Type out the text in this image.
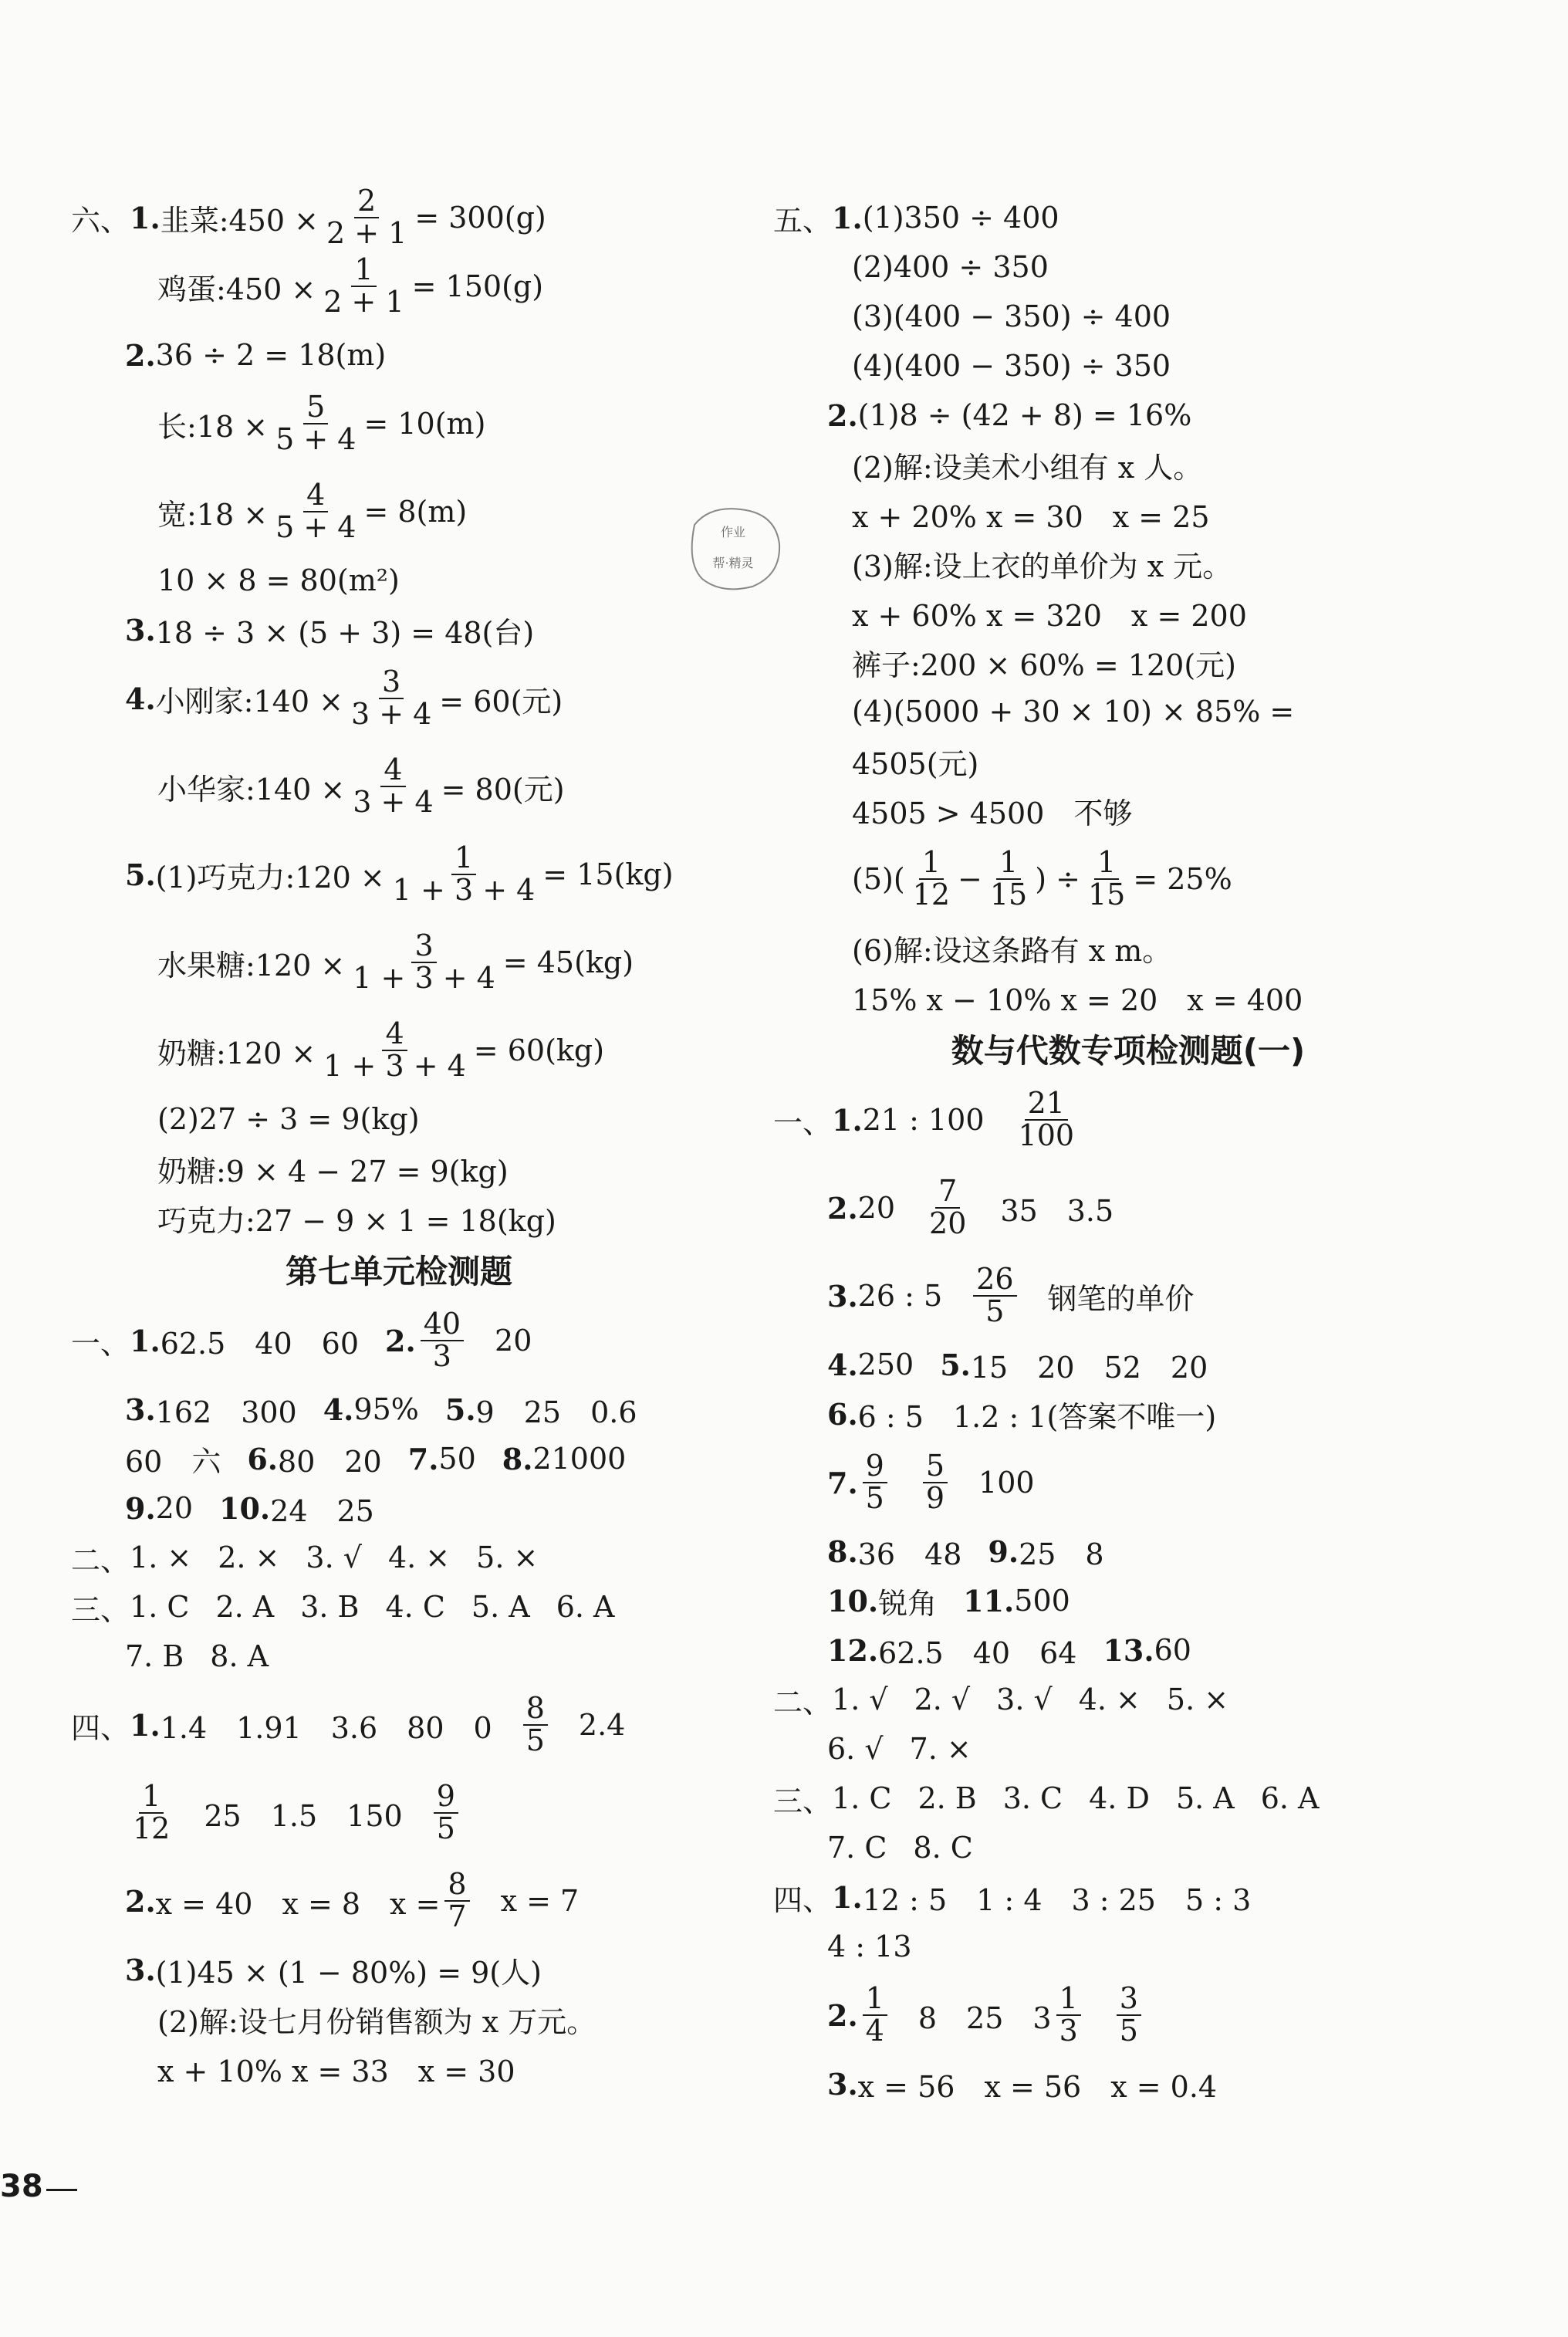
六、 1. 韭菜:450 × $\frac{2}{2 + 1} = 300(g)$
鸡蛋:450 × $\frac{1}{2 + 1} = 150(g)$
2. 36 ÷ 2 = 18(m)
长:18 × $\frac{5}{5 + 4} = 10(m)$
宽:18 × $\frac{4}{5 + 4} = 8(m)$
10 × 8 = 80(m²)
3. 18 ÷ 3 × (5 + 3) = 48(台)
4. 小刚家:140 × $\frac{3}{3 + 4} = 60$(元)
小华家:140 × $\frac{4}{3 + 4} = 80$(元)
5. (1)巧克力:120 × $\frac{1}{1 + 3 + 4} = 15(kg)$
水果糖:120 × $\frac{3}{1 + 3 + 4} = 45(kg)$
奶糖:120 × $\frac{4}{1 + 3 + 4} = 60(kg)$
(2)27 ÷ 3 = 9(kg)
奶糖:9 × 4 − 27 = 9(kg)
巧克力:27 − 9 × 1 = 18(kg)
第七单元检测题
一、 1. 62.5　40　60 2. $\frac{40}{3} 20$
3. 162　300 4. 95% 5. 9　25　0.6
60　六 6. 80　20 7. 50 8. 21000
9. 20 10. 24　25
二、 1. × 2. × 3. √ 4. × 5. ×
三、 1. C 2. A 3. B 4. C 5. A 6. A
7. B 8. A
四、 1. 1.4　1.91　3.6　80　$0 \frac{8}{5} 2.4$
$\frac{1}{12} 25$　1.5　$150 \frac{9}{5}$
2. x = 40　x = 8　$x = \frac{8}{7}$ x = 7
3. (1)45 × (1 − 80%) = 9(人)
(2)解:设七月份销售额为 x 万元。
x + 10% x = 33　x = 30
五、 1. (1)350 ÷ 400
(2)400 ÷ 350
(3)(400 − 350) ÷ 400
(4)(400 − 350) ÷ 350
2. (1)8 ÷ (42 + 8) = 16%
(2)解:设美术小组有 x 人。
x + 20% x = 30　x = 25
(3)解:设上衣的单价为 x 元。
x + 60% x = 320　x = 200
裤子:200 × 60% = 120(元)
(4)(5000 + 30 × 10) × 85% =
4505(元)
4505 > 4500　不够
$(5)( \frac{1}{12} - \frac{1}{15}$ ) ÷ $\frac{1}{15} = 25\%$
(6)解:设这条路有 x m。
15% x − 10% x = 20　x = 400
数与代数专项检测题(一)
一、 1. 21 : $100 \frac{21}{100}$
2. $20 \frac{7}{20} 35$　3.5
3. 26 : $5 \frac{26}{5}$ 钢笔的单价
4. 250 5. 15　20　52　20
6. 6 : 5　1.2 : 1(答案不唯一)
7. $\frac{9}{5} \frac{5}{9} 100$
8. 36　48 9. 25　8
10. 锐角 11. 500
12. 62.5　40　64 13. 60
二、 1. √ 2. √ 3. √ 4. × 5. ×
6. √ 7. ×
三、 1. C 2. B 3. C 4. D 5. A 6. A
7. C 8. C
四、 1. 12 : 5　1 : 4　3 : 25　5 : 3
4 : 13
2. $\frac{1}{4} 8$　25　$3 \frac{1}{3} \frac{3}{5}$
3. x = 56　x = 56　x = 0.4
作业
帮·精灵
38
